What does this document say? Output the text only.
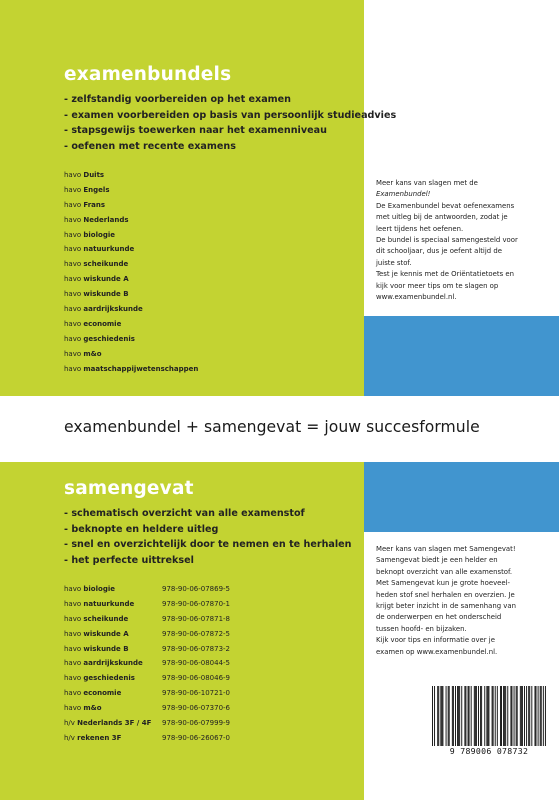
examenbundels
- zelfstandig voorbereiden op het examen
- examen voorbereiden op basis van persoonlijk studieadvies
- stapsgewijs toewerken naar het examenniveau
- oefenen met recente examens
havo Duits
havo Engels
havo Frans
havo Nederlands
havo biologie
havo natuurkunde
havo scheikunde
havo wiskunde A
havo wiskunde B
havo aardrijkskunde
havo economie
havo geschiedenis
havo m&o
havo maatschappijwetenschappen

Meer kans van slagen met de

Examenbundel!

De Examenbundel bevat oefenexamens

met uitleg bij de antwoorden, zodat je

leert tijdens het oefenen.

De bundel is speciaal samengesteld voor

dit schooljaar, dus je oefent altijd de

juiste stof.

Test je kennis met de Oriëntatietoets en

kijk voor meer tips om te slagen op

www.examenbundel.nl.

examenbundel + samengevat = jouw succesformule
samengevat
- schematisch overzicht van alle examenstof
- beknopte en heldere uitleg
- snel en overzichtelijk door te nemen en te herhalen
- het perfecte uittreksel
havo biologie	978-90-06-07869-5
havo natuurkunde	978-90-06-07870-1
havo scheikunde	978-90-06-07871-8
havo wiskunde A	978-90-06-07872-5
havo wiskunde B	978-90-06-07873-2
havo aardrijkskunde	978-90-06-08044-5
havo geschiedenis	978-90-06-08046-9
havo economie	978-90-06-10721-0
havo m&o	978-90-06-07370-6
h/v Nederlands 3F / 4F 978-90-06-07999-9
h/v rekenen 3F	978-90-06-26067-0

Meer kans van slagen met Samengevat!

Samengevat biedt je een helder en

beknopt overzicht van alle examenstof.

Met Samengevat kun je grote hoeveel-

heden stof snel herhalen en overzien. Je

krijgt beter inzicht in de samenhang van

de onderwerpen en het onderscheid

tussen hoofd- en bijzaken.

Kijk voor tips en informatie over je

examen op www.examenbundel.nl.

9 789006 078732
